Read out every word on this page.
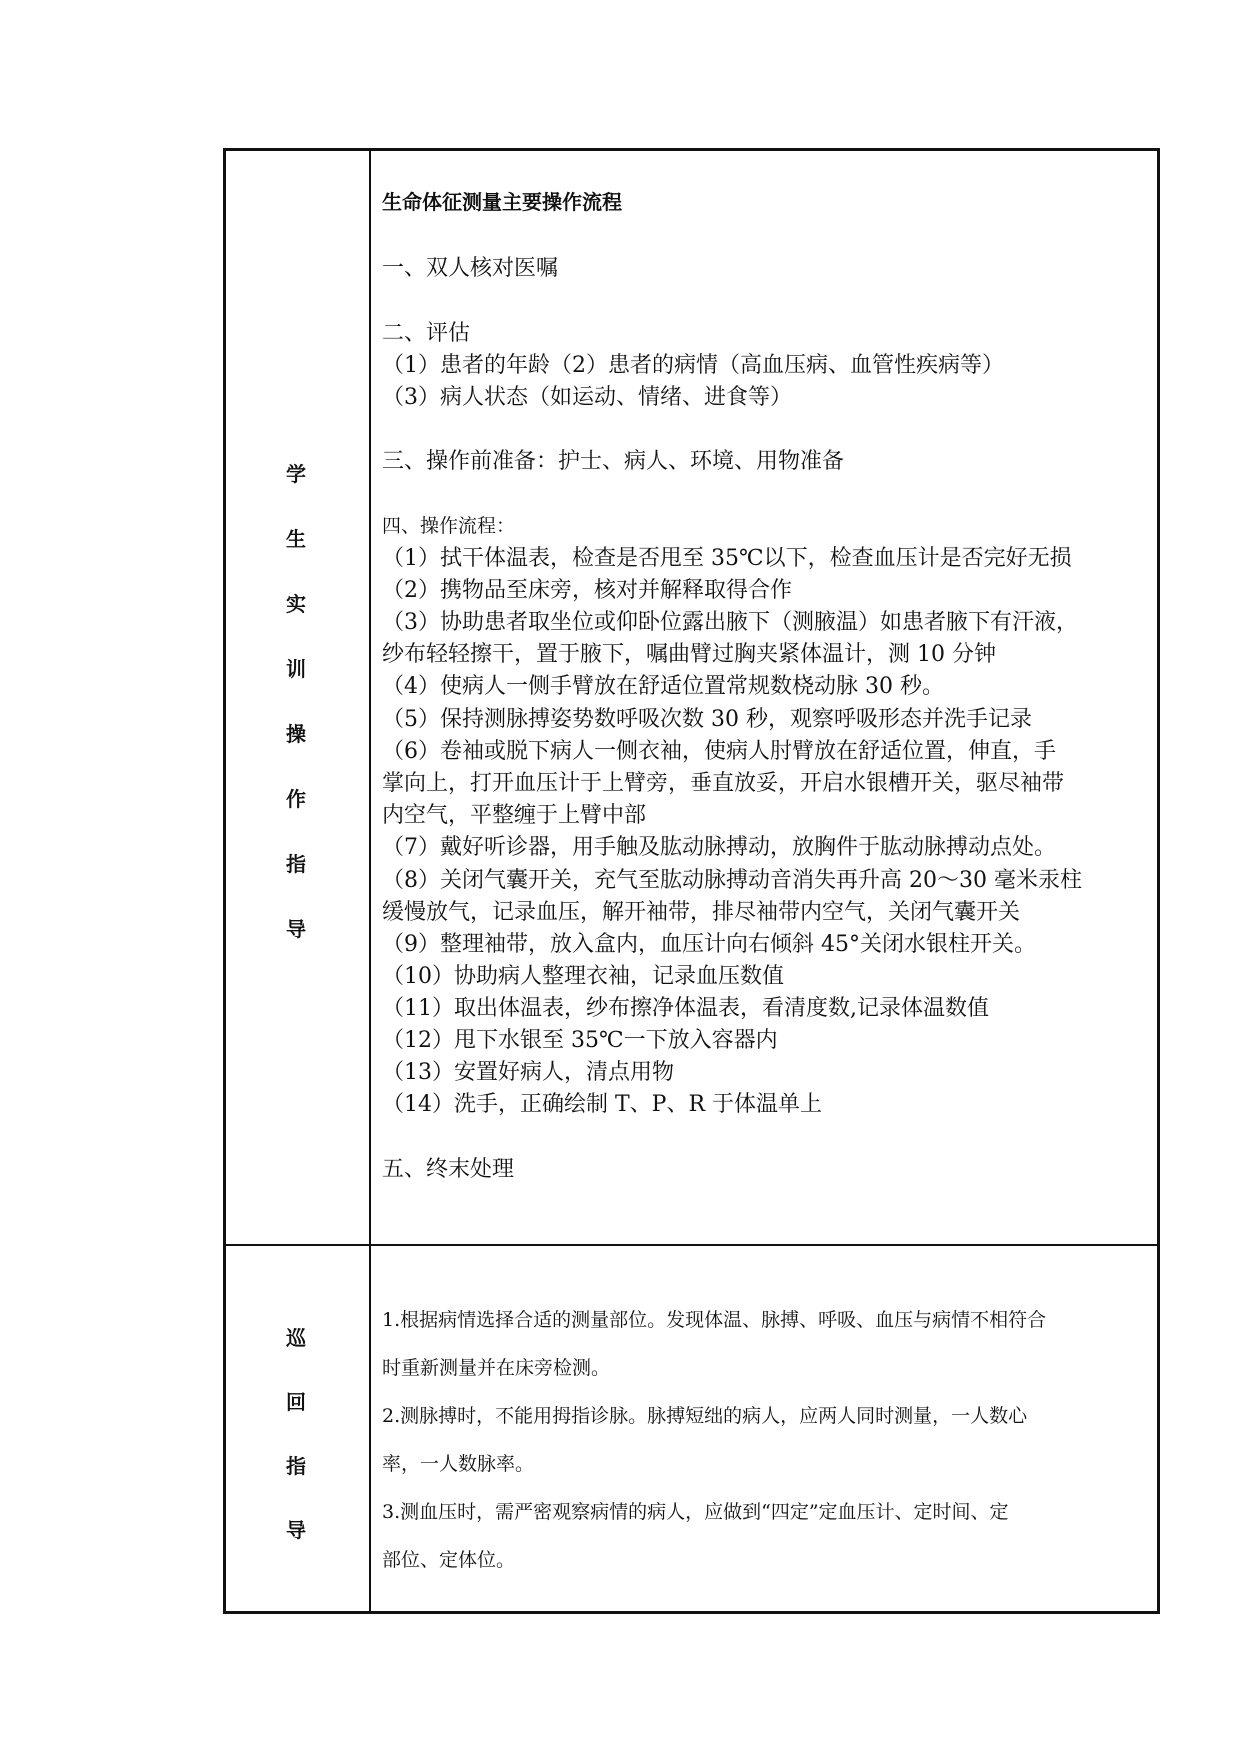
学
生
实
训
操
作
指
导
巡
回
指
导
生命体征测量主要操作流程
一、双人核对医嘱
二、评估
（1）患者的年龄（2）患者的病情（高血压病、血管性疾病等）
（3）病人状态（如运动、情绪、进食等）
三、操作前准备：护士、病人、环境、用物准备
四、操作流程：
（1）拭干体温表，检查是否甩至 35℃以下，检查血压计是否完好无损
（2）携物品至床旁，核对并解释取得合作
（3）协助患者取坐位或仰卧位露出腋下（测腋温）如患者腋下有汗液，
纱布轻轻擦干，置于腋下，嘱曲臂过胸夹紧体温计，测 10 分钟
（4）使病人一侧手臂放在舒适位置常规数桡动脉 30 秒。
（5）保持测脉搏姿势数呼吸次数 30 秒，观察呼吸形态并洗手记录
（6）卷袖或脱下病人一侧衣袖，使病人肘臂放在舒适位置，伸直，手
掌向上，打开血压计于上臂旁，垂直放妥，开启水银槽开关，驱尽袖带
内空气，平整缠于上臂中部
（7）戴好听诊器，用手触及肱动脉搏动，放胸件于肱动脉搏动点处。
（8）关闭气囊开关，充气至肱动脉搏动音消失再升高 20～30 毫米汞柱
缓慢放气，记录血压，解开袖带，排尽袖带内空气，关闭气囊开关
（9）整理袖带，放入盒内，血压计向右倾斜 45°关闭水银柱开关。
（10）协助病人整理衣袖，记录血压数值
（11）取出体温表，纱布擦净体温表，看清度数,记录体温数值
（12）甩下水银至 35℃一下放入容器内
（13）安置好病人，清点用物
（14）洗手，正确绘制 T、P、R 于体温单上
五、终末处理
1.根据病情选择合适的测量部位。发现体温、脉搏、呼吸、血压与病情不相符合
时重新测量并在床旁检测。
2.测脉搏时，不能用拇指诊脉。脉搏短绌的病人，应两人同时测量，一人数心
率，一人数脉率。
3.测血压时，需严密观察病情的病人，应做到“四定”定血压计、定时间、定
部位、定体位。
